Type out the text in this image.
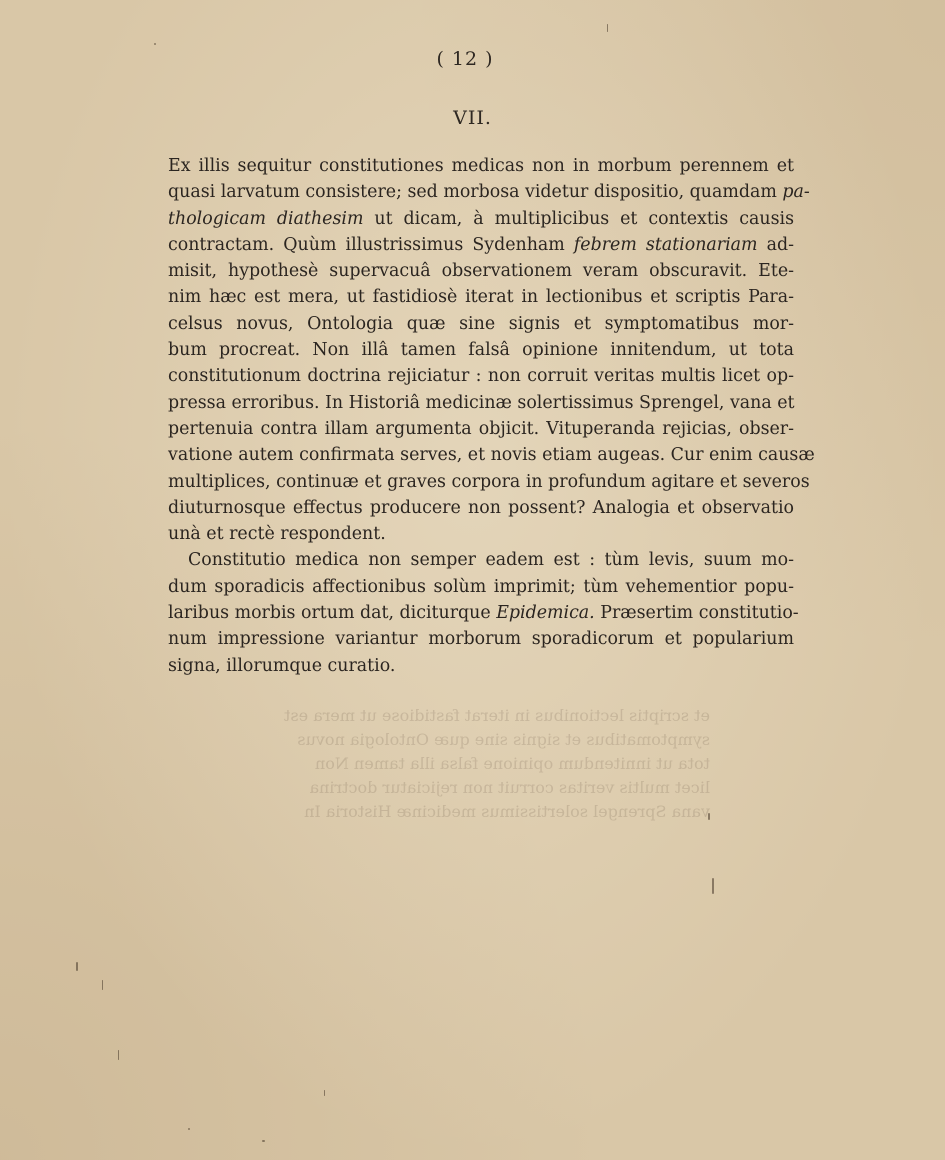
et scriptis lectionibus in iterat fastidiose ut mera est
symptomatibus et signis sine quæ Ontologia novus
tota ut innitendum opinione falsa illa tamen Non
licet multis veritas corruit non rejiciatur doctrina
vana Sprengel solertissimus medicinæ Historia In
( 12 )
VII.
Ex illis sequitur constitutiones medicas non in morbum perennem et
quasi larvatum consistere; sed morbosa videtur dispositio, quamdam pa-
thologicam diathesim ut dicam, à multiplicibus et contextis causis
contractam. Quùm illustrissimus Sydenham febrem stationariam ad-
misit, hypothesè supervacuâ observationem veram obscuravit. Ete-
nim hæc est mera, ut fastidiosè iterat in lectionibus et scriptis Para-
celsus novus, Ontologia quæ sine signis et symptomatibus mor-
bum procreat. Non illâ tamen falsâ opinione innitendum, ut tota
constitutionum doctrina rejiciatur : non corruit veritas multis licet op-
pressa erroribus. In Historiâ medicinæ solertissimus Sprengel, vana et
pertenuia contra illam argumenta objicit. Vituperanda rejicias, obser-
vatione autem confirmata serves, et novis etiam augeas. Cur enim causæ
multiplices, continuæ et graves corpora in profundum agitare et severos
diuturnosque effectus producere non possent? Analogia et observatio
unà et rectè respondent.
Constitutio medica non semper eadem est : tùm levis, suum mo-
dum sporadicis affectionibus solùm imprimit; tùm vehementior popu-
laribus morbis ortum dat, diciturque Epidemica. Præsertim constitutio-
num impressione variantur morborum sporadicorum et popularium
signa, illorumque curatio.
